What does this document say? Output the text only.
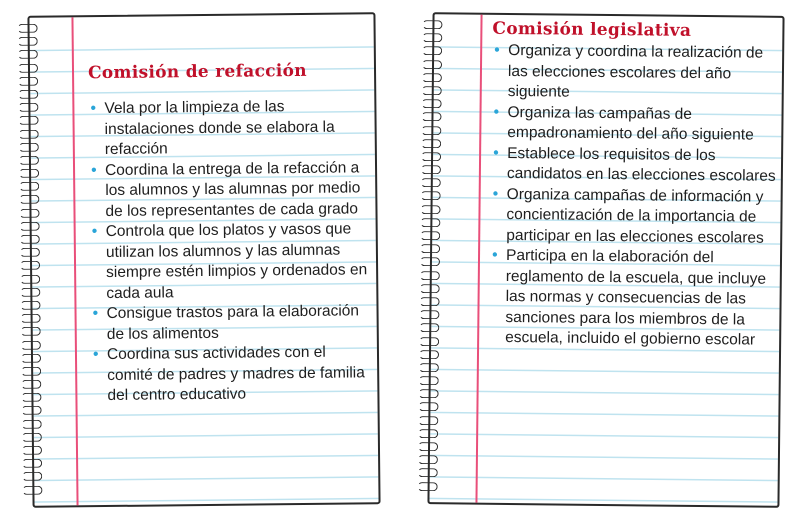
Comisión de refacción
• Vela por la limpieza de las instalaciones donde se elabora la refacción
• Coordina la entrega de la refacción a los alumnos y las alumnas por medio de los representantes de cada grado
• Controla que los platos y vasos que utilizan los alumnos y las alumnas siempre estén limpios y ordenados en cada aula
• Consigue trastos para la elaboración de los alimentos
• Coordina sus actividades con el comité de padres y madres de familia del centro educativo
Comisión legislativa
• Organiza y coordina la realización de las elecciones escolares del año siguiente
• Organiza las campañas de empadronamiento del año siguiente
• Establece los requisitos de los candidatos en las elecciones escolares
• Organiza campañas de información y concientización de la importancia de participar en las elecciones escolares
• Participa en la elaboración del reglamento de la escuela, que incluye las normas y consecuencias de las sanciones para los miembros de la escuela, incluido el gobierno escolar
